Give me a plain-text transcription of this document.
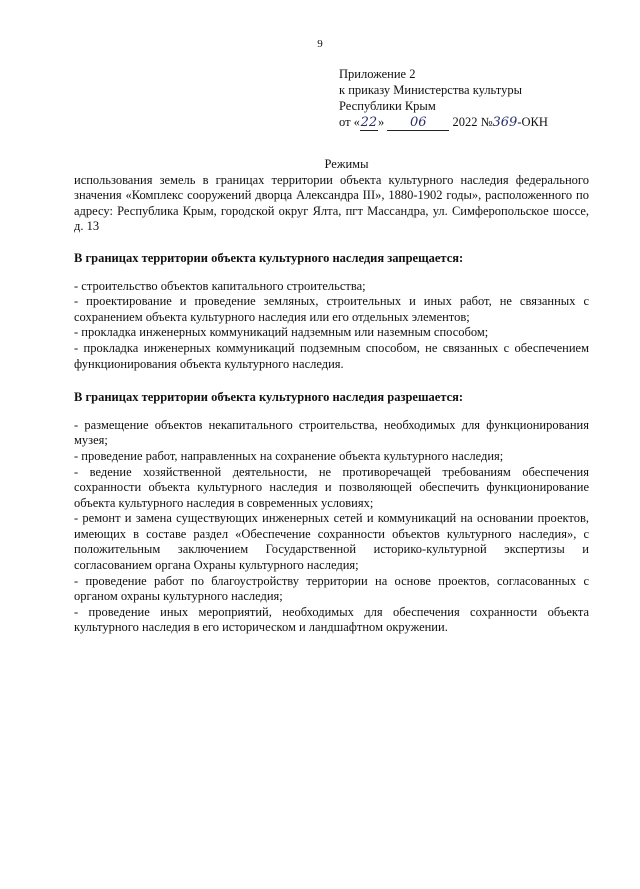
9
Приложение 2
к приказу Министерства культуры
Республики Крым
от «22» 06 2022 №369-ОКН
Режимы
использования земель в границах территории объекта культурного наследия федерального значения «Комплекс сооружений дворца Александра III», 1880-1902 годы», расположенного по адресу: Республика Крым, городской округ Ялта, пгт Массандра, ул. Симферопольское шоссе, д. 13
В границах территории объекта культурного наследия запрещается:
- строительство объектов капитального строительства;
- проектирование и проведение земляных, строительных и иных работ, не связанных с сохранением объекта культурного наследия или его отдельных элементов;
- прокладка инженерных коммуникаций надземным или наземным способом;
- прокладка инженерных коммуникаций подземным способом, не связанных с обеспечением функционирования объекта культурного наследия.
В границах территории объекта культурного наследия разрешается:
- размещение объектов некапитального строительства, необходимых для функционирования музея;
- проведение работ, направленных на сохранение объекта культурного наследия;
- ведение хозяйственной деятельности, не противоречащей требованиям обеспечения сохранности объекта культурного наследия и позволяющей обеспечить функционирование объекта культурного наследия в современных условиях;
- ремонт и замена существующих инженерных сетей и коммуникаций на основании проектов, имеющих в составе раздел «Обеспечение сохранности объектов культурного наследия», с положительным заключением Государственной историко-культурной экспертизы и согласованием органа Охраны культурного наследия;
- проведение работ по благоустройству территории на основе проектов, согласованных с органом охраны культурного наследия;
- проведение иных мероприятий, необходимых для обеспечения сохранности объекта культурного наследия в его историческом и ландшафтном окружении.
